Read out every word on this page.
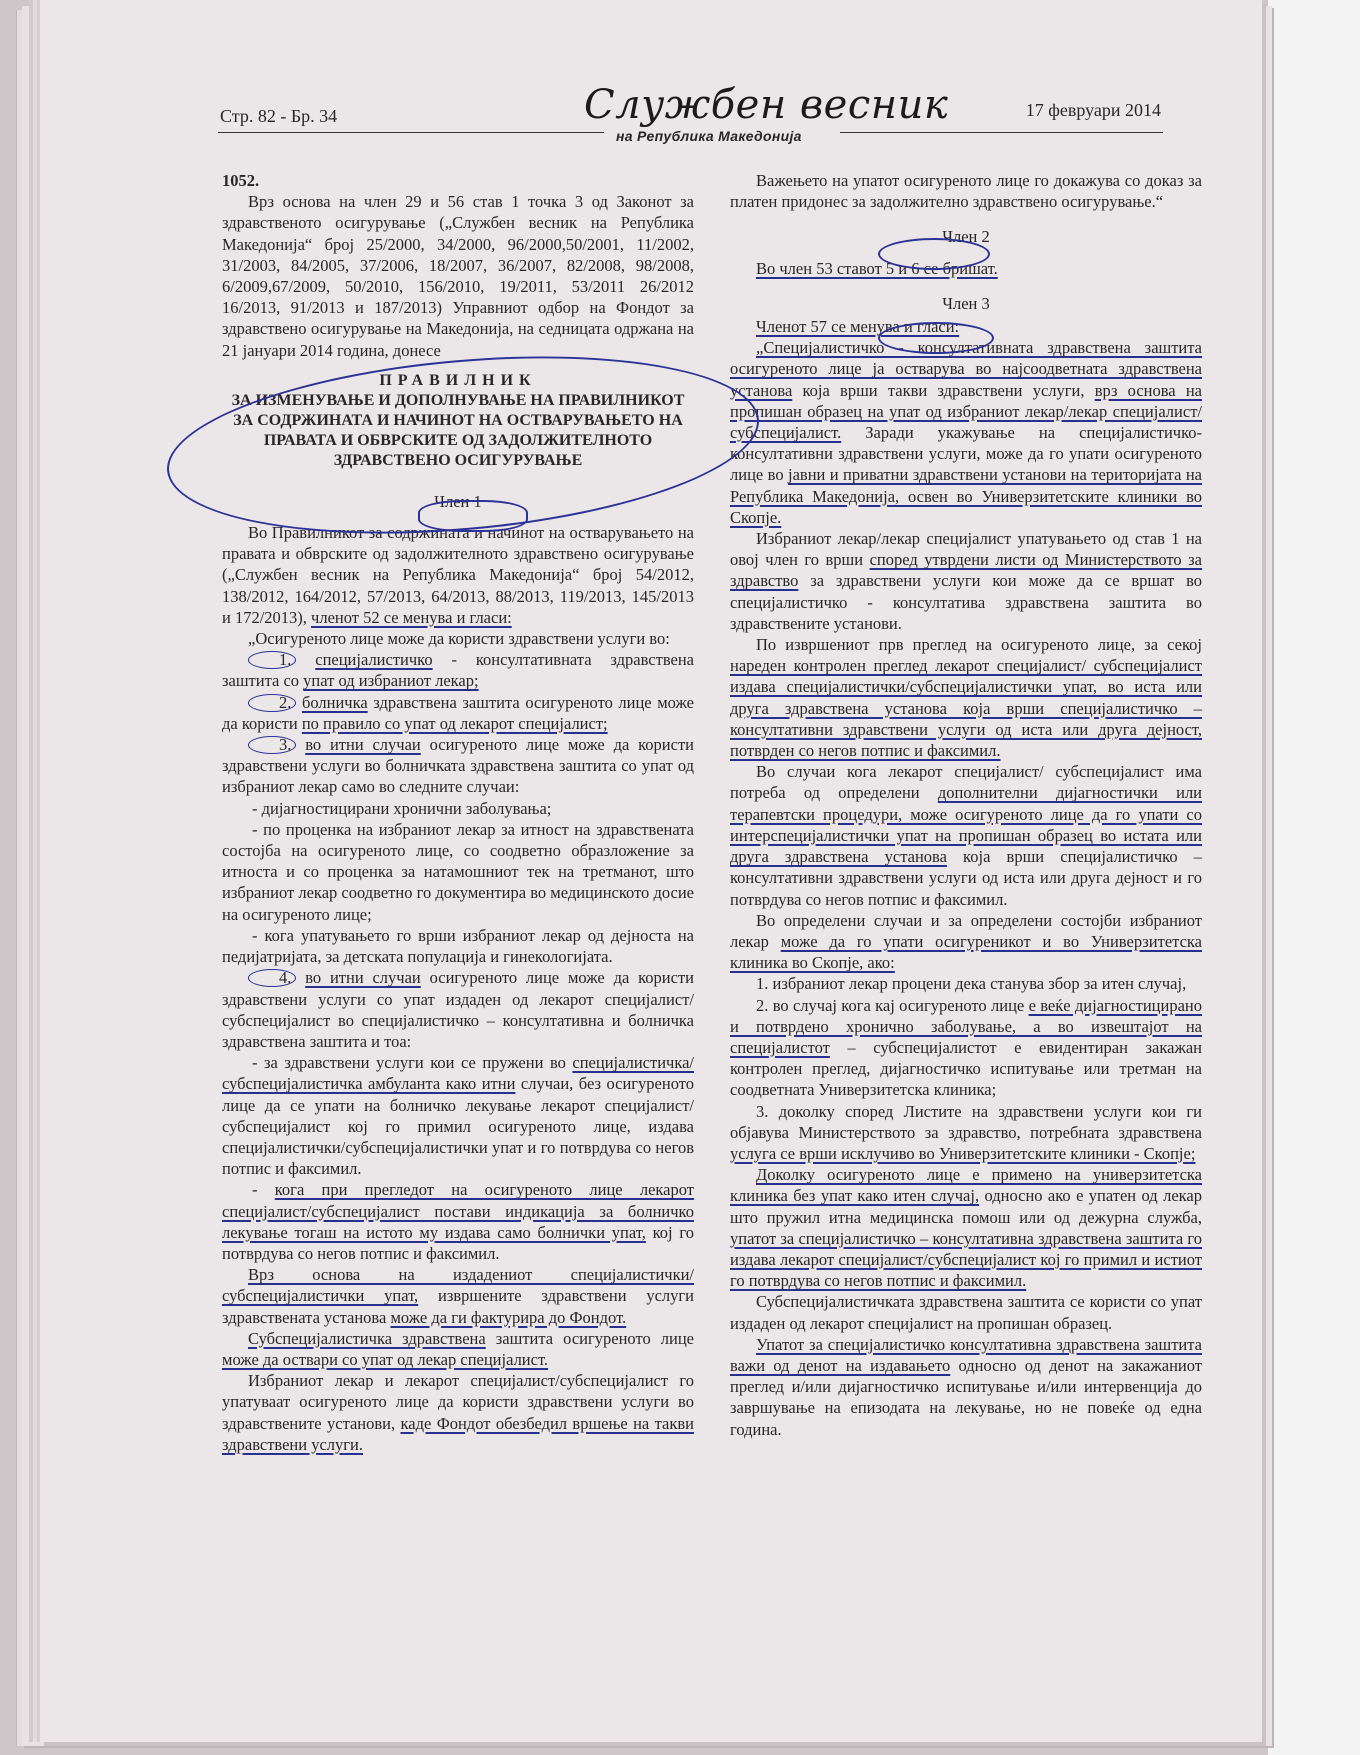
Стр. 82 - Бр. 34	Службен весник
на Република Македонија
17 февруари 2014

1052.

Врз основа на член 29 и 56 став 1 точка 3 од Законот за здравственото осигурување („Службен весник на Република Македонија“ број 25/2000, 34/2000, 96/2000,50/2001, 11/2002, 31/2003, 84/2005, 37/2006, 18/2007, 36/2007, 82/2008, 98/2008, 6/2009,67/2009, 50/2010, 156/2010, 19/2011, 53/2011 26/2012 16/2013, 91/2013 и 187/2013) Управниот одбор на Фондот за здравствено осигурување на Македонија, на седницата одржана на 21 јануари 2014 година, донесе

ПРАВИЛНИК
ЗА ИЗМЕНУВАЊЕ И ДОПОЛНУВАЊЕ НА ПРАВИЛНИКОТ ЗА СОДРЖИНАТА И НАЧИНОТ НА ОСТВАРУВАЊЕТО НА ПРАВАТА И ОБВРСКИТЕ ОД ЗАДОЛЖИТЕЛНОТО ЗДРАВСТВЕНО ОСИГУРУВАЊЕ

Член 1

Во Правилникот за содржината и начинот на остварувањето на правата и обврските од задолжителното здравствено осигурување („Службен весник на Република Македонија“ број 54/2012, 138/2012, 164/2012, 57/2013, 64/2013, 88/2013, 119/2013, 145/2013 и 172/2013), членот 52 се менува и гласи:

„Осигуреното лице може да користи здравствени услуги во:

1. специјалистичко - консултативната здравствена заштита со упат од избраниот лекар;

2. болничка здравствена заштита осигуреното лице може да користи по правило со упат од лекарот специјалист;

3. во итни случаи осигуреното лице може да користи здравствени услуги во болничката здравствена заштита со упат од избраниот лекар само во следните случаи:

- дијагностицирани хронични заболувања;

- по проценка на избраниот лекар за итност на здравствената состојба на осигуреното лице, со соодветно образложение за итноста и со проценка за натамошниот тек на третманот, што избраниот лекар соодветно го документира во медицинското досие на осигуреното лице;

- кога упатувањето го врши избраниот лекар од дејноста на педијатријата, за детската популација и гинекологијата.

4. во итни случаи осигуреното лице може да користи здравствени услуги со упат издаден од лекарот специјалист/субспецијалист во специјалистичко – консултативна и болничка здравствена заштита и тоа:

- за здравствени услуги кои се пружени во специјалистичка/субспецијалистичка амбуланта како итни случаи, без осигуреното лице да се упати на болничко лекување лекарот специјалист/субспецијалист кој го примил осигуреното лице, издава специјалистички/субспецијалистички упат и го потврдува со негов потпис и факсимил.

- кога при прегледот на осигуреното лице лекарот специјалист/субспецијалист постави индикација за болничко лекување тогаш на истото му издава само болнички упат, кој го потврдува со негов потпис и факсимил.

Врз основа на издадениот специјалистички/субспецијалистички упат, извршените здравствени услуги здравствената установа може да ги фактурира до Фондот.

Субспецијалистичка здравствена заштита осигуреното лице може да оствари со упат од лекар специјалист.

Избраниот лекар и лекарот специјалист/субспецијалист го упатуваат осигуреното лице да користи здравствени услуги во здравствените установи, каде Фондот обезбедил вршење на такви здравствени услуги.

Важењето на упатот осигуреното лице го докажува со доказ за платен придонес за задолжително здравствено осигурување.“

Член 2

Во член 53 ставот 5 и 6 се бришат.

Член 3

Членот 57 се менува и гласи:

„Специјалистичко - консултативната здравствена заштита осигуреното лице ја остварува во најсоодветната здравствена установа која врши такви здравствени услуги, врз основа на пропишан образец на упат од избраниот лекар/лекар специјалист/субспецијалист. Заради укажување на специјалистичко-консултативни здравствени услуги, може да го упати осигуреното лице во јавни и приватни здравствени установи на територијата на Република Македонија, освен во Универзитетските клиники во Скопје.

Избраниот лекар/лекар специјалист упатувањето од став 1 на овој член го врши според утврдени листи од Министерството за здравство за здравствени услуги кои може да се вршат во специјалистичко - консултатива здравствена заштита во здравствените установи.

По извршениот прв преглед на осигуреното лице, за секој нареден контролен преглед лекарот специјалист/ субспецијалист издава специјалистички/субспецијалистички упат, во иста или друга здравствена установа која врши специјалистичко – консултативни здравствени услуги од иста или друга дејност, потврден со негов потпис и факсимил.

Во случаи кога лекарот специјалист/ субспецијалист има потреба од определени дополнителни дијагностички или терапевтски процедури, може осигуреното лице да го упати со интерспецијалистички упат на пропишан образец во истата или друга здравствена установа која врши специјалистичко – консултативни здравствени услуги од иста или друга дејност и го потврдува со негов потпис и факсимил.

Во определени случаи и за определени состојби избраниот лекар може да го упати осигуреникот и во Универзитетска клиника во Скопје, ако:

1. избраниот лекар процени дека станува збор за итен случај,

2. во случај кога кај осигуреното лице е веќе дијагностицирано и потврдено хронично заболување, а во извештајот на специјалистот – субспецијалистот е евидентиран закажан контролен преглед, дијагностичко испитување или третман на соодветната Универзитетска клиника;

3. доколку според Листите на здравствени услуги кои ги објавува Министерството за здравство, потребната здравствена услуга се врши исклучиво во Универзитетските клиники - Скопје;

Доколку осигуреното лице е примено на универзитетска клиника без упат како итен случај, односно ако е упатен од лекар што пружил итна медицинска помош или од дежурна служба, упатот за специјалистичко – консултативна здравствена заштита го издава лекарот специјалист/субспецијалист кој го примил и истиот го потврдува со негов потпис и факсимил.

Субспецијалистичката здравствена заштита се користи со упат издаден од лекарот специјалист на пропишан образец.

Упатот за специјалистичко консултативна здравствена заштита важи од денот на издавањето односно од денот на закажаниот преглед и/или дијагностичко испитување и/или интервенција до завршување на епизодата на лекување, но не повеќе од една година.
